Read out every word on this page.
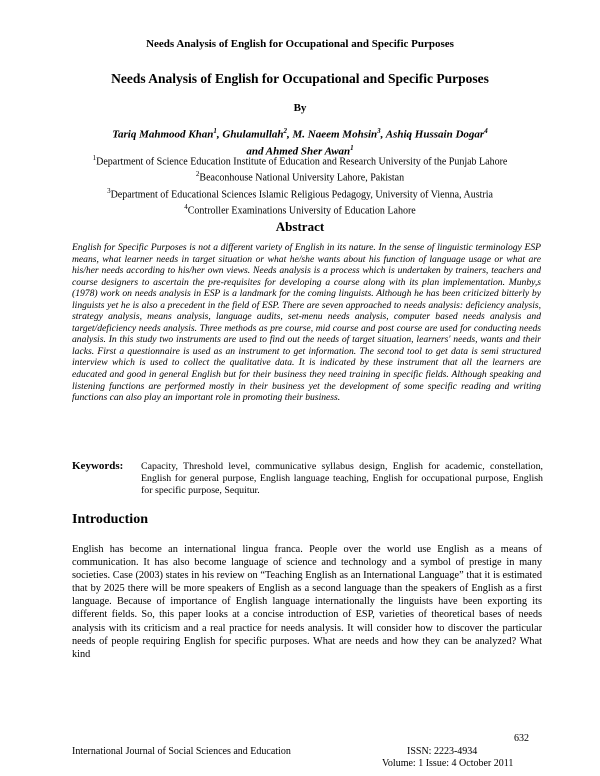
Needs Analysis of English for Occupational and Specific Purposes
Needs Analysis of English for Occupational and Specific Purposes
By
Tariq Mahmood Khan$^1$, Ghulamullah$^2$, M. Naeem Mohsin$^3$, Ashiq Hussain Dogar$^4$
and Ahmed Sher Awan$^1$
$^1$Department of Science Education Institute of Education and Research University of the Punjab Lahore
$^2$Beaconhouse National University Lahore, Pakistan
$^3$Department of Educational Sciences Islamic Religious Pedagogy, University of Vienna, Austria
$^4$Controller Examinations University of Education Lahore
Abstract

English for Specific Purposes is not a different variety of English in its nature. In the sense of linguistic terminology ESP means, what learner needs in target situation or what he/she wants about his function of language usage or what are his/her needs according to his/her own views. Needs analysis is a process which is undertaken by trainers, teachers and course designers to ascertain the pre-requisites for developing a course along with its plan implementation. Munby,s (1978) work on needs analysis in ESP is a landmark for the coming linguists. Although he has been criticized bitterly by linguists yet he is also a precedent in the field of ESP. There are seven approached to needs analysis: deficiency analysis, strategy analysis, means analysis, language audits, set-menu needs analysis, computer based needs analysis and target/deficiency needs analysis. Three methods as pre course, mid course and post course are used for conducting needs analysis. In this study two instruments are used to find out the needs of target situation, learners' needs, wants and their lacks. First a questionnaire is used as an instrument to get information. The second tool to get data is semi structured interview which is used to collect the qualitative data. It is indicated by these instrument that all the learners are educated and good in general English but for their business they need training in specific fields. Although speaking and listening functions are performed mostly in their business yet the development of some specific reading and writing functions can also play an important role in promoting their business.

Keywords: Capacity, Threshold level, communicative syllabus design, English for academic, constellation, English for general purpose, English language teaching, English for occupational purpose, English for specific purpose, Sequitur.

Introduction

English has become an international lingua franca. People over the world use English as a means of communication. It has also become language of science and technology and a symbol of prestige in many societies. Case (2003) states in his review on “Teaching English as an International Language” that it is estimated that by 2025 there will be more speakers of English as a second language than the speakers of English as a first language. Because of importance of English language internationally the linguists have been exporting its different fields. So, this paper looks at a concise introduction of ESP, varieties of theoretical bases of needs analysis with its criticism and a real practice for needs analysis. It will consider how to discover the particular needs of people requiring English for specific purposes. What are needs and how they can be analyzed? What kind

632
International Journal of Social Sciences and Education	ISSN: 2223-4934
Volume: 1 Issue: 4 October 2011
